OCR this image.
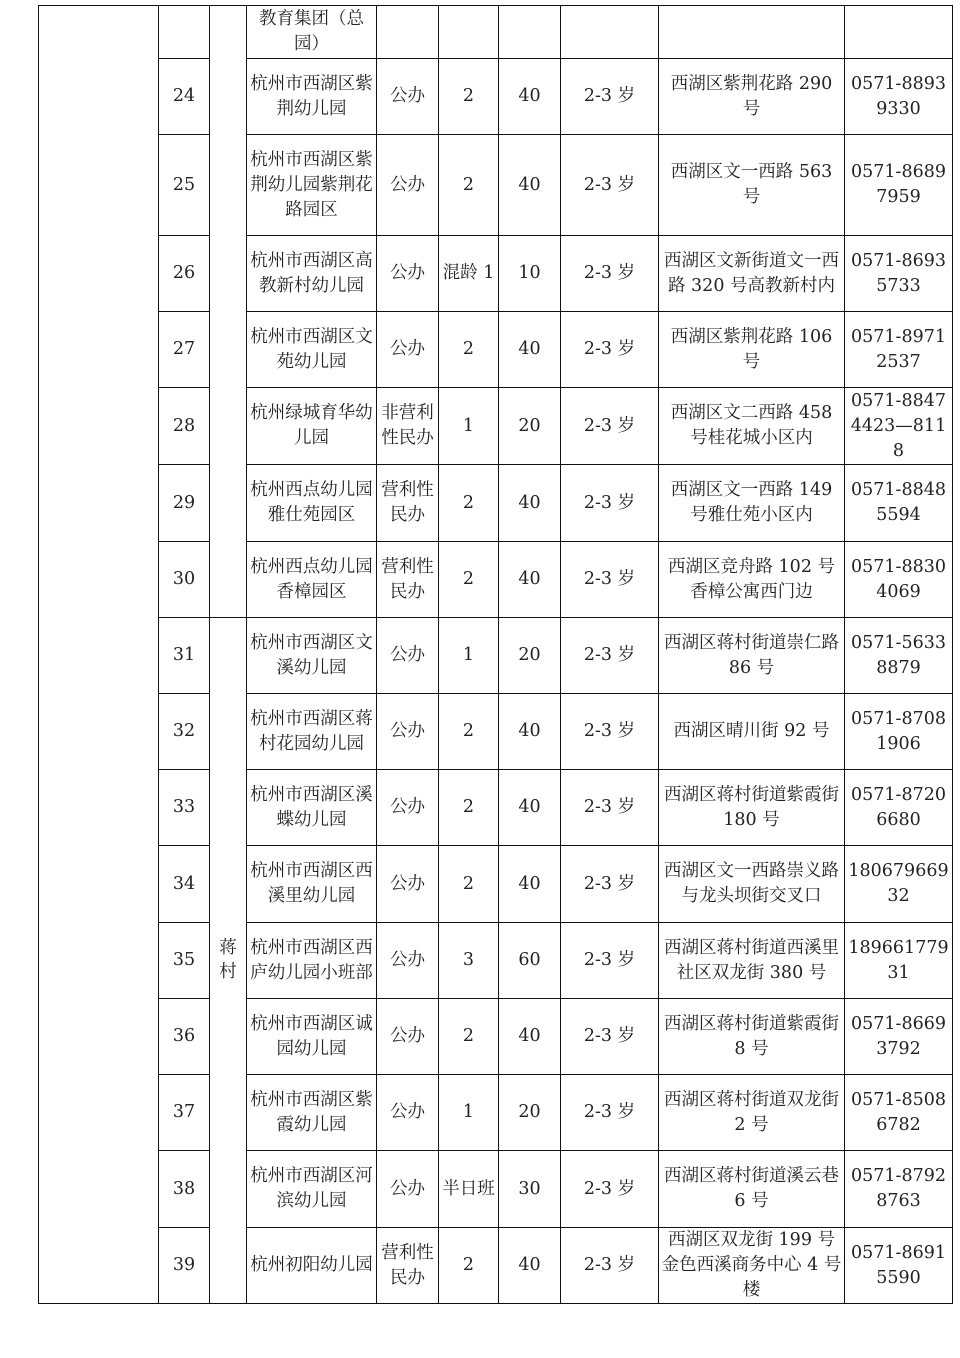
			教育集团（总园）						
	24		杭州市西湖区紫荆幼儿园	公办	2	40	2-3 岁	西湖区紫荆花路 290 号	0571-88939330
	25		杭州市西湖区紫荆幼儿园紫荆花路园区	公办	2	40	2-3 岁	西湖区文一西路 563 号	0571-86897959
	26		杭州市西湖区高教新村幼儿园	公办	混龄 1	10	2-3 岁	西湖区文新街道文一西路 320 号高教新村内	0571-86935733
	27		杭州市西湖区文苑幼儿园	公办	2	40	2-3 岁	西湖区紫荆花路 106 号	0571-89712537
	28		杭州绿城育华幼儿园	非营利性民办	1	20	2-3 岁	西湖区文二西路 458 号桂花城小区内	0571-88474423—8118
	29		杭州西点幼儿园雅仕苑园区	营利性民办	2	40	2-3 岁	西湖区文一西路 149 号雅仕苑小区内	0571-88485594
	30		杭州西点幼儿园香樟园区	营利性民办	2	40	2-3 岁	西湖区竞舟路 102 号香樟公寓西门边	0571-88304069
	31	蒋村	杭州市西湖区文溪幼儿园	公办	1	20	2-3 岁	西湖区蒋村街道崇仁路 86 号	0571-56338879
	32		杭州市西湖区蒋村花园幼儿园	公办	2	40	2-3 岁	西湖区晴川街 92 号	0571-87081906
	33		杭州市西湖区溪蝶幼儿园	公办	2	40	2-3 岁	西湖区蒋村街道紫霞街 180 号	0571-87206680
	34		杭州市西湖区西溪里幼儿园	公办	2	40	2-3 岁	西湖区文一西路崇义路与龙头坝街交叉口	18067966932
	35		杭州市西湖区西庐幼儿园小班部	公办	3	60	2-3 岁	西湖区蒋村街道西溪里社区双龙街 380 号	18966177931
	36		杭州市西湖区诚园幼儿园	公办	2	40	2-3 岁	西湖区蒋村街道紫霞街 8 号	0571-86693792
	37		杭州市西湖区紫霞幼儿园	公办	1	20	2-3 岁	西湖区蒋村街道双龙街 2 号	0571-85086782
	38		杭州市西湖区河滨幼儿园	公办	半日班	30	2-3 岁	西湖区蒋村街道溪云巷 6 号	0571-87928763
	39		杭州初阳幼儿园	营利性民办	2	40	2-3 岁	西湖区双龙街 199 号金色西溪商务中心 4 号楼	0571-86915590
